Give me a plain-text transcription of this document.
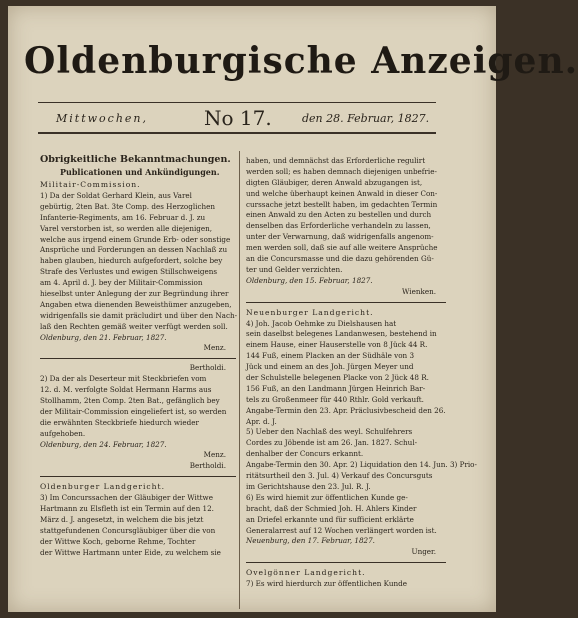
Oldenburgische Anzeigen.
Mittwochen,	No 17.	den 28. Februar, 1827.
Obrigkeitliche Bekanntmachungen.
Publicationen und Ankündigungen.
Militair-Commission.
1) Da der Soldat Gerhard Klein, aus Varel
gebürtig, 2ten Bat. 3te Comp. des Herzoglichen
Infanterie-Regiments, am 16. Februar d. J. zu
Varel verstorben ist, so werden alle diejenigen,
welche aus irgend einem Grunde Erb- oder sonstige
Ansprüche und Forderungen an dessen Nachlaß zu
haben glauben, hiedurch aufgefordert, solche bey
Strafe des Verlustes und ewigen Stillschweigens
am 4. April d. J. bey der Militair-Commission
hieselbst unter Anlegung der zur Begründung ihrer
Angaben etwa dienenden Beweisthümer anzugeben,
widrigenfalls sie damit präcludirt und über den Nach-
laß den Rechten gemäß weiter verfügt werden soll.
Oldenburg, den 21. Februar, 1827.
Menz.
Bertholdi.
2) Da der als Deserteur mit Steckbriefen vom
12. d. M. verfolgte Soldat Hermann Harms aus
Stollhamm, 2ten Comp. 2ten Bat., gefänglich bey
der Militair-Commission eingeliefert ist, so werden
die erwähnten Steckbriefe hiedurch wieder
aufgehoben.
Oldenburg, den 24. Februar, 1827.
Menz.
Bertholdi.
Oldenburger Landgericht.
3) Im Concurssachen der Gläubiger der Wittwe
Hartmann zu Elsfleth ist ein Termin auf den 12.
März d. J. angesetzt, in welchem die bis jetzt
stattgefundenen Concursgläubiger über die von
der Wittwe Koch, geborne Rehme, Tochter
der Wittwe Hartmann unter Eide, zu welchem sie
haben, und demnächst das Erforderliche regulirt
werden soll; es haben demnach diejenigen unbefrie-
digten Gläubiger, deren Anwald abzugangen ist,
und welche überhaupt keinen Anwald in dieser Con-
curssache jetzt bestellt haben, im gedachten Termin
einen Anwald zu den Acten zu bestellen und durch
denselben das Erforderliche verhandeln zu lassen,
unter der Verwarnung, daß widrigenfalls angenom-
men werden soll, daß sie auf alle weitere Ansprüche
an die Concursmasse und die dazu gehörenden Gü-
ter und Gelder verzichten.
Oldenburg, den 15. Februar, 1827.
Wienken.
Neuenburger Landgericht.
4) Joh. Jacob Oehmke zu Dielshausen hat
sein daselbst belegenes Landanwesen, bestehend in
einem Hause, einer Hauserstelle von 8 Jück 44 R.
144 Fuß, einem Placken an der Südhäle von 3
Jück und einem an des Joh. Jürgen Meyer und
der Schulstelle belegenen Placke von 2 Jück 48 R.
156 Fuß, an den Landmann Jürgen Heinrich Bar-
tels zu Großenmeer für 440 Rthlr. Gold verkauft.
Angabe-Termin den 23. Apr. Präclusivbescheid den 26.
Apr. d. J.
5) Ueber den Nachlaß des weyl. Schulfehrers
Cordes zu Jöbende ist am 26. Jan. 1827. Schul-
denhalber der Concurs erkannt.
Angabe-Termin den 30. Apr. 2) Liquidation den 14. Jun. 3) Prio-
ritätsurtheil den 3. Jul. 4) Verkauf des Concursguts
im Gerichtshause den 23. Jul. R. J.
6) Es wird hiemit zur öffentlichen Kunde ge-
bracht, daß der Schmied Joh. H. Ahlers Kinder
an Driefel erkannte und für sufficient erklärte
Generalarrest auf 12 Wochen verlängert worden ist.
Neuenburg, den 17. Februar, 1827.
Unger.
Ovelgönner Landgericht.
7) Es wird hierdurch zur öffentlichen Kunde
